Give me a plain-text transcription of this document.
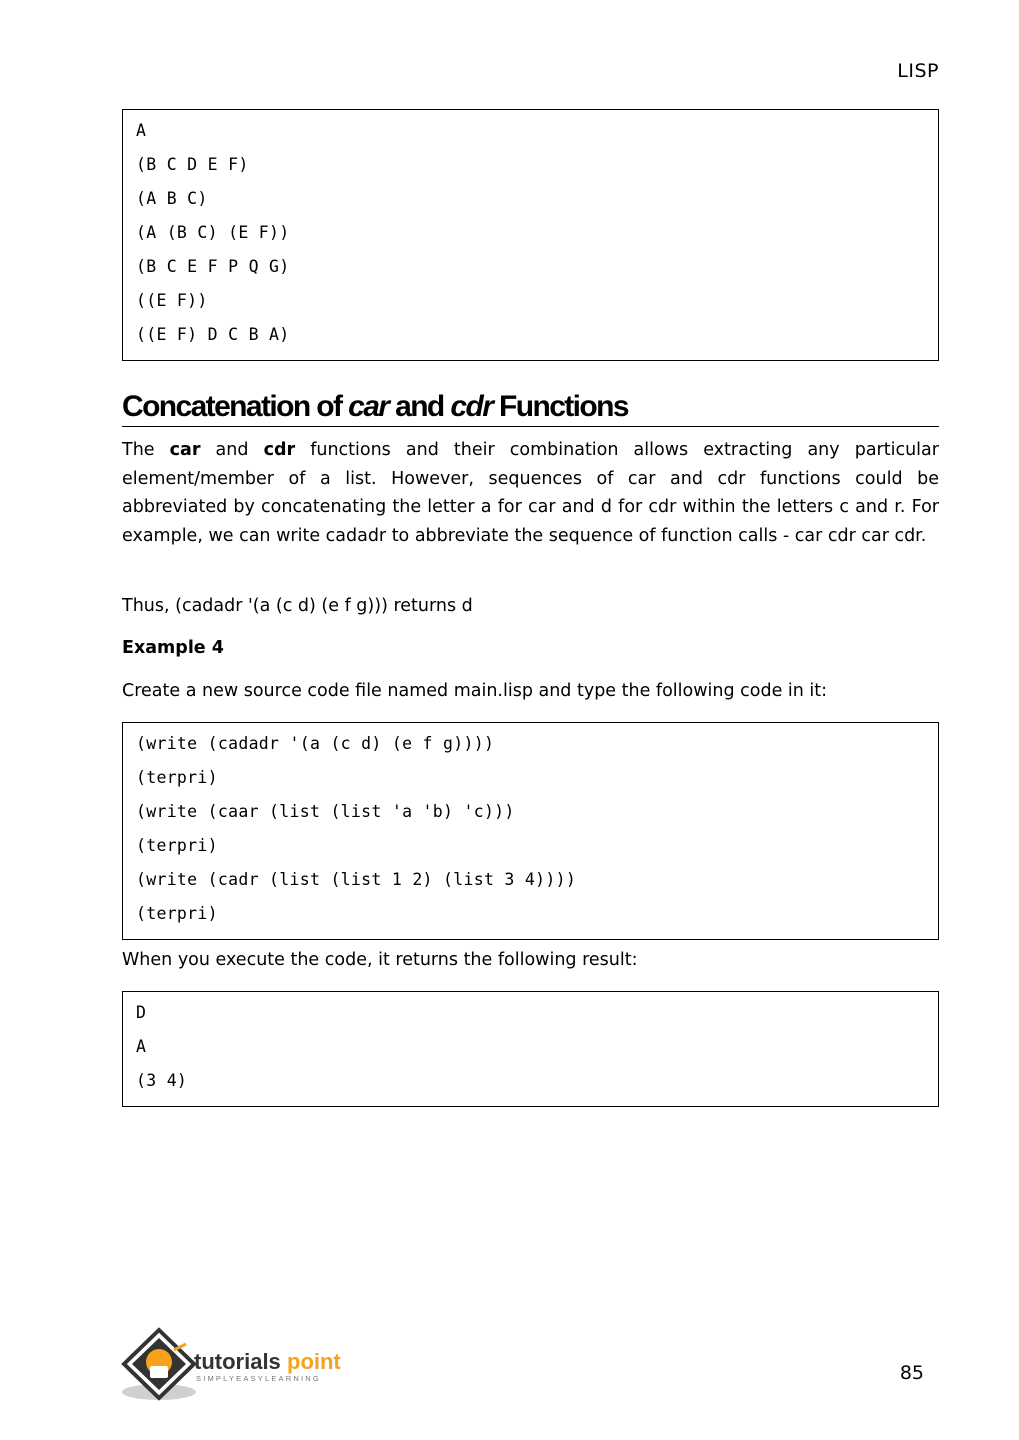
LISP
A
(B C D E F)
(A B C)
(A (B C) (E F))
(B C E F P Q G)
((E F))
((E F) D C B A)
Concatenation of car and cdr Functions

The car and cdr functions and their combination allows extracting any particular element/member of a list. However, sequences of car and cdr functions could be abbreviated by concatenating the letter a for car and d for cdr within the letters c and r. For example, we can write cadadr to abbreviate the sequence of function calls - car cdr car cdr.

Thus, (cadadr '(a (c d) (e f g))) returns d

Example 4

Create a new source code file named main.lisp and type the following code in it:

(write (cadadr '(a (c d) (e f g))))
(terpri)
(write (caar (list (list 'a 'b) 'c)))
(terpri)
(write (cadr (list (list 1 2) (list 3 4))))
(terpri)

When you execute the code, it returns the following result:

D
A
(3 4)
tutorials point
SIMPLYEASYLEARNING	85
